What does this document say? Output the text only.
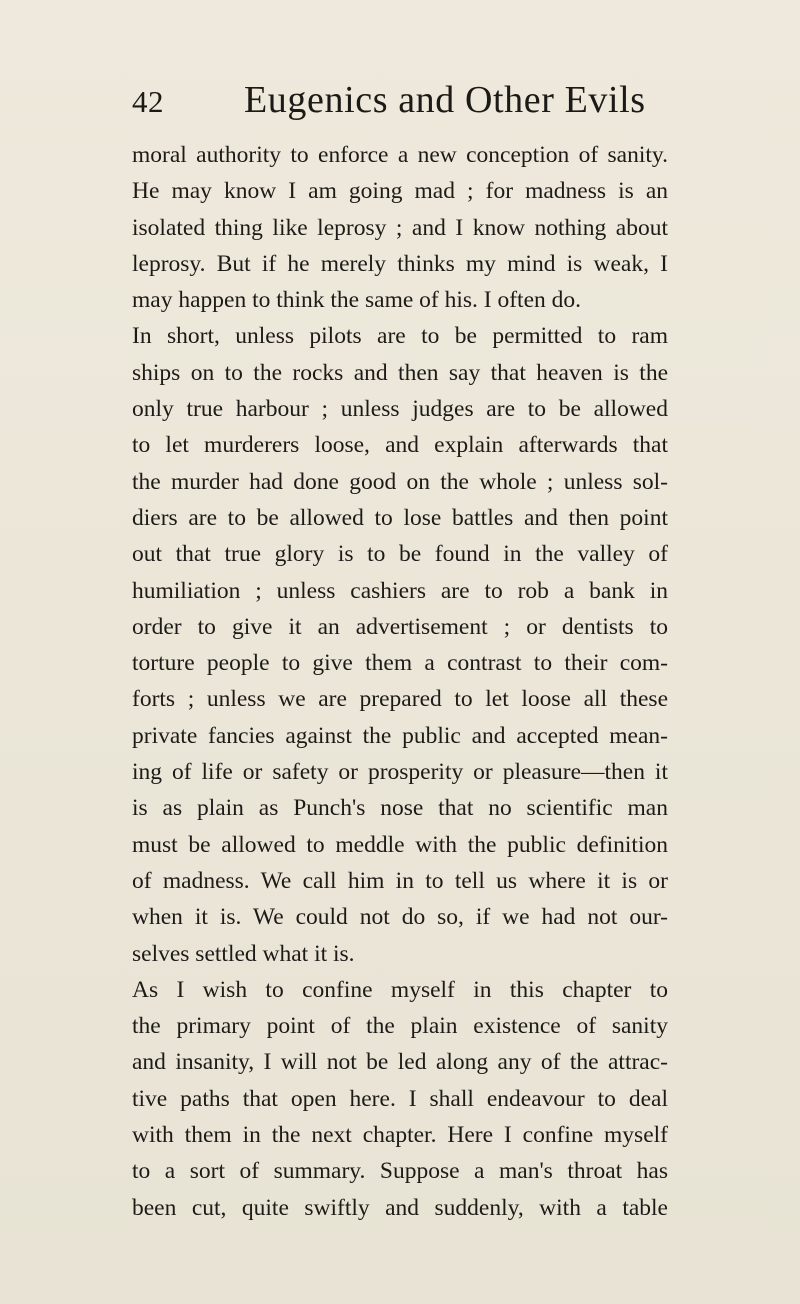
42 Eugenics and Other Evils
moral authority to enforce a new conception of sanity.
He may know I am going mad ; for madness is an
isolated thing like leprosy ; and I know nothing about
leprosy. But if he merely thinks my mind is weak, I
may happen to think the same of his. I often do.
In short, unless pilots are to be permitted to ram
ships on to the rocks and then say that heaven is the
only true harbour ; unless judges are to be allowed
to let murderers loose, and explain afterwards that
the murder had done good on the whole ; unless sol-
diers are to be allowed to lose battles and then point
out that true glory is to be found in the valley of
humiliation ; unless cashiers are to rob a bank in
order to give it an advertisement ; or dentists to
torture people to give them a contrast to their com-
forts ; unless we are prepared to let loose all these
private fancies against the public and accepted mean-
ing of life or safety or prosperity or pleasure—then it
is as plain as Punch's nose that no scientific man
must be allowed to meddle with the public definition
of madness. We call him in to tell us where it is or
when it is. We could not do so, if we had not our-
selves settled what it is.
As I wish to confine myself in this chapter to
the primary point of the plain existence of sanity
and insanity, I will not be led along any of the attrac-
tive paths that open here. I shall endeavour to deal
with them in the next chapter. Here I confine myself
to a sort of summary. Suppose a man's throat has
been cut, quite swiftly and suddenly, with a table
